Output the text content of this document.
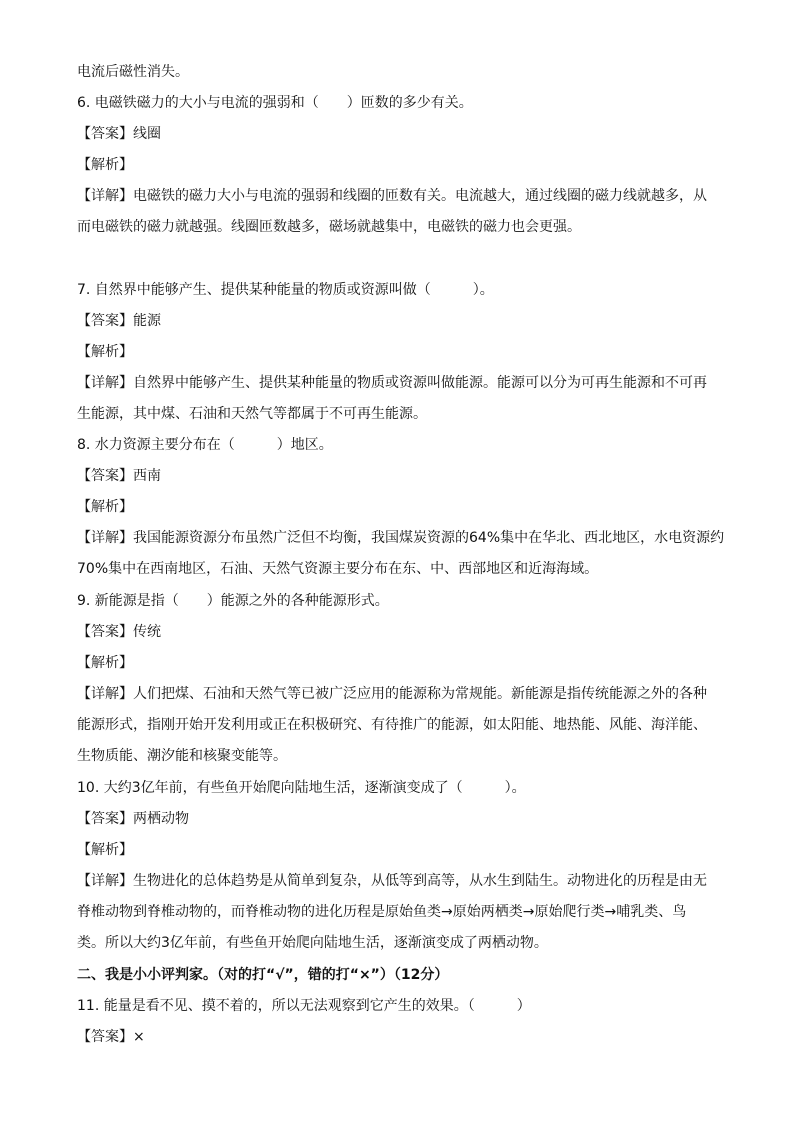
电流后磁性消失。
6. 电磁铁磁力的大小与电流的强弱和（　　）匝数的多少有关。
【答案】线圈
【解析】
【详解】电磁铁的磁力大小与电流的强弱和线圈的匝数有关。电流越大，通过线圈的磁力线就越多，从
而电磁铁的磁力就越强。线圈匝数越多，磁场就越集中，电磁铁的磁力也会更强。
7. 自然界中能够产生、提供某种能量的物质或资源叫做（　　　）。
【答案】能源
【解析】
【详解】自然界中能够产生、提供某种能量的物质或资源叫做能源。能源可以分为可再生能源和不可再
生能源，其中煤、石油和天然气等都属于不可再生能源。
8. 水力资源主要分布在（　　　）地区。
【答案】西南
【解析】
【详解】我国能源资源分布虽然广泛但不均衡，我国煤炭资源的64%集中在华北、西北地区，水电资源约
70%集中在西南地区，石油、天然气资源主要分布在东、中、西部地区和近海海域。
9. 新能源是指（　　）能源之外的各种能源形式。
【答案】传统
【解析】
【详解】人们把煤、石油和天然气等已被广泛应用的能源称为常规能。新能源是指传统能源之外的各种
能源形式，指刚开始开发利用或正在积极研究、有待推广的能源，如太阳能、地热能、风能、海洋能、
生物质能、潮汐能和核聚变能等。
10. 大约3亿年前，有些鱼开始爬向陆地生活，逐渐演变成了（　　　）。
【答案】两栖动物
【解析】
【详解】生物进化的总体趋势是从简单到复杂，从低等到高等，从水生到陆生。动物进化的历程是由无
脊椎动物到脊椎动物的，而脊椎动物的进化历程是原始鱼类→原始两栖类→原始爬行类→哺乳类、鸟
类。所以大约3亿年前，有些鱼开始爬向陆地生活，逐渐演变成了两栖动物。
二、我是小小评判家。（对的打“√”，错的打“×”）（12分）
11. 能量是看不见、摸不着的，所以无法观察到它产生的效果。（　　　）
【答案】×
